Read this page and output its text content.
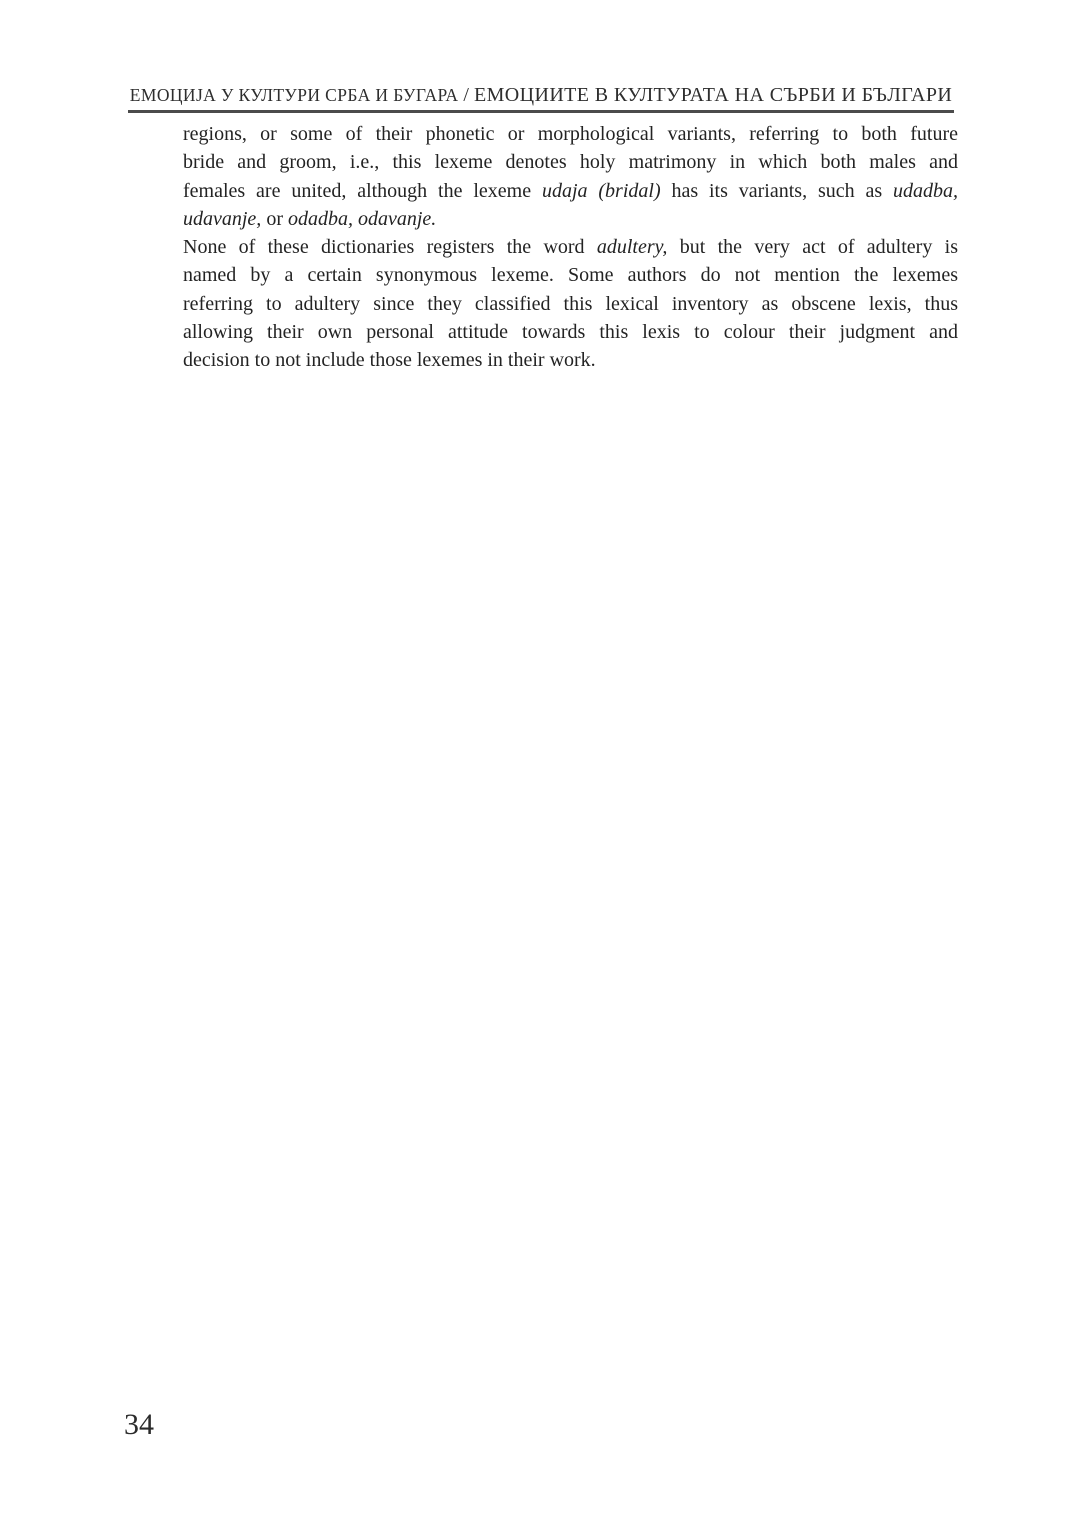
ЕМОЦИЈА У КУЛТУРИ СРБА И БУГАРА / ЕМОЦИИТЕ В КУЛТУРАТА НА СЪРБИ И БЪЛГАРИ
regions, or some of their phonetic or morphological variants, referring to both future
bride and groom, i.e., this lexeme denotes holy matrimony in which both males and
females are united, although the lexeme udaja (bridal) has its variants, such as udadba,
udavanje, or odadba, odavanje.
None of these dictionaries registers the word adultery, but the very act of adultery is
named by a certain synonymous lexeme. Some authors do not mention the lexemes
referring to adultery since they classified this lexical inventory as obscene lexis, thus
allowing their own personal attitude towards this lexis to colour their judgment and
decision to not include those lexemes in their work.
34
